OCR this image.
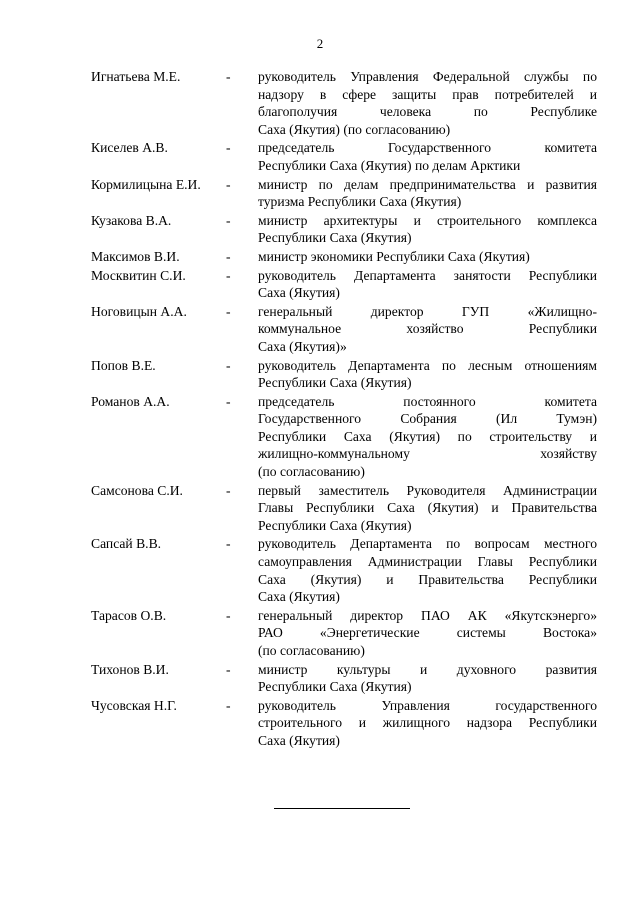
2
Игнатьева М.Е.	-	руководитель Управления Федеральной службы по
надзору в сфере защиты прав потребителей и
благополучия человека по Республике
Саха (Якутия) (по согласованию)
Киселев А.В.	-	председатель Государственного комитета
Республики Саха (Якутия) по делам Арктики
Кормилицына Е.И.	-	министр по делам предпринимательства и развития
туризма Республики Саха (Якутия)
Кузакова В.А.	-	министр архитектуры и строительного комплекса
Республики Саха (Якутия)
Максимов В.И.	-	министр экономики Республики Саха (Якутия)
Москвитин С.И.	-	руководитель Департамента занятости Республики
Саха (Якутия)
Ноговицын А.А.	-	генеральный директор ГУП «Жилищно-
коммунальное хозяйство Республики
Саха (Якутия)»
Попов В.Е.	-	руководитель Департамента по лесным отношениям
Республики Саха (Якутия)
Романов А.А.	-	председатель постоянного комитета
Государственного Собрания (Ил Тумэн)
Республики Саха (Якутия) по строительству и
жилищно-коммунальному хозяйству
(по согласованию)
Самсонова С.И.	-	первый заместитель Руководителя Администрации
Главы Республики Саха (Якутия) и Правительства
Республики Саха (Якутия)
Сапсай В.В.	-	руководитель Департамента по вопросам местного
самоуправления Администрации Главы Республики
Саха (Якутия) и Правительства Республики
Саха (Якутия)
Тарасов О.В.	-	генеральный директор ПАО АК «Якутскэнерго»
РАО «Энергетические системы Востока»
(по согласованию)
Тихонов В.И.	-	министр культуры и духовного развития
Республики Саха (Якутия)
Чусовская Н.Г.	-	руководитель Управления государственного
строительного и жилищного надзора Республики
Саха (Якутия)
